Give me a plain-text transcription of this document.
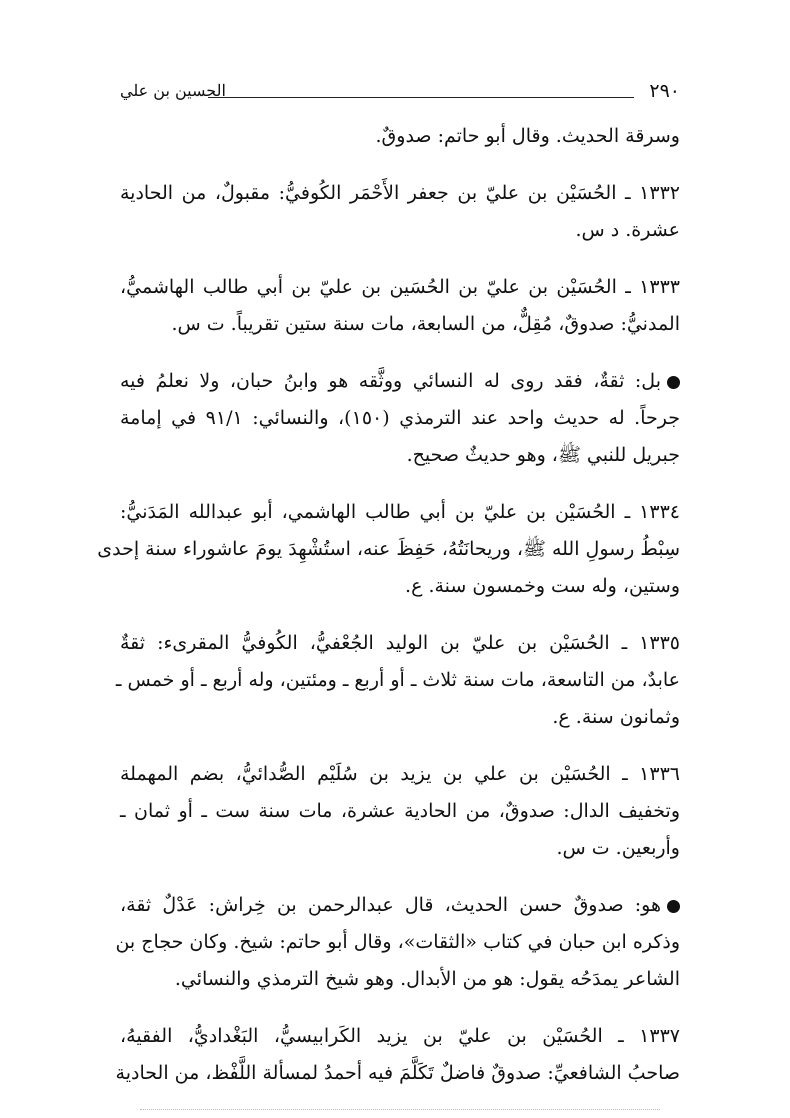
٢٩٠
الحسين بن علي
وسرقة الحديث. وقال أبو حاتم: صدوقٌ.
١٣٣٢ ـ الحُسَيْن بن عليّ بن جعفر الأَحْمَر الكُوفيُّ: مقبولٌ، من الحادية
عشرة. د س.
١٣٣٣ ـ الحُسَيْن بن عليّ بن الحُسَين بن عليّ بن أبي طالب الهاشميُّ،
المدنيُّ: صدوقٌ، مُقِلٌّ، من السابعة، مات سنة ستين تقريباً. ت س.
بل: ثقةٌ، فقد روى له النسائي ووثَّقه هو وابنُ حبان، ولا نعلمُ فيه
جرحاً. له حديث واحد عند الترمذي (١٥٠)، والنسائي: ٩١/١ في إمامة
جبريل للنبي ﷺ، وهو حديثٌ صحيح.
١٣٣٤ ـ الحُسَيْن بن عليّ بن أبي طالب الهاشمي، أبو عبدالله المَدَنيُّ:
سِبْطُ رسولِ الله ﷺ، وريحانَتُهُ، حَفِظَ عنه، استُشْهِدَ يومَ عاشوراء سنة إحدى
وستين، وله ست وخمسون سنة. ع.
١٣٣٥ ـ الحُسَيْن بن عليّ بن الوليد الجُعْفيُّ، الكُوفيُّ المقرىء: ثقةٌ
عابدٌ، من التاسعة، مات سنة ثلاث ـ أو أربع ـ ومئتين، وله أربع ـ أو خمس ـ
وثمانون سنة. ع.
١٣٣٦ ـ الحُسَيْن بن علي بن يزيد بن سُلَيْم الصُّدائيُّ، بضم المهملة
وتخفيف الدال: صدوقٌ، من الحادية عشرة، مات سنة ست ـ أو ثمان ـ
وأربعين. ت س.
هو: صدوقٌ حسن الحديث، قال عبدالرحمن بن خِراش: عَدْلٌ ثقة،
وذكره ابن حبان في كتاب «الثقات»، وقال أبو حاتم: شيخ. وكان حجاج بن
الشاعر يمدَحُه يقول: هو من الأبدال. وهو شيخ الترمذي والنسائي.
١٣٣٧ ـ الحُسَيْن بن عليّ بن يزيد الكَرابيسيُّ، البَغْداديُّ، الفقيهُ،
صاحبُ الشافعيِّ: صدوقٌ فاضلٌ تَكَلَّمَ فيه أحمدُ لمسألة اللَّفْظ، من الحادية
